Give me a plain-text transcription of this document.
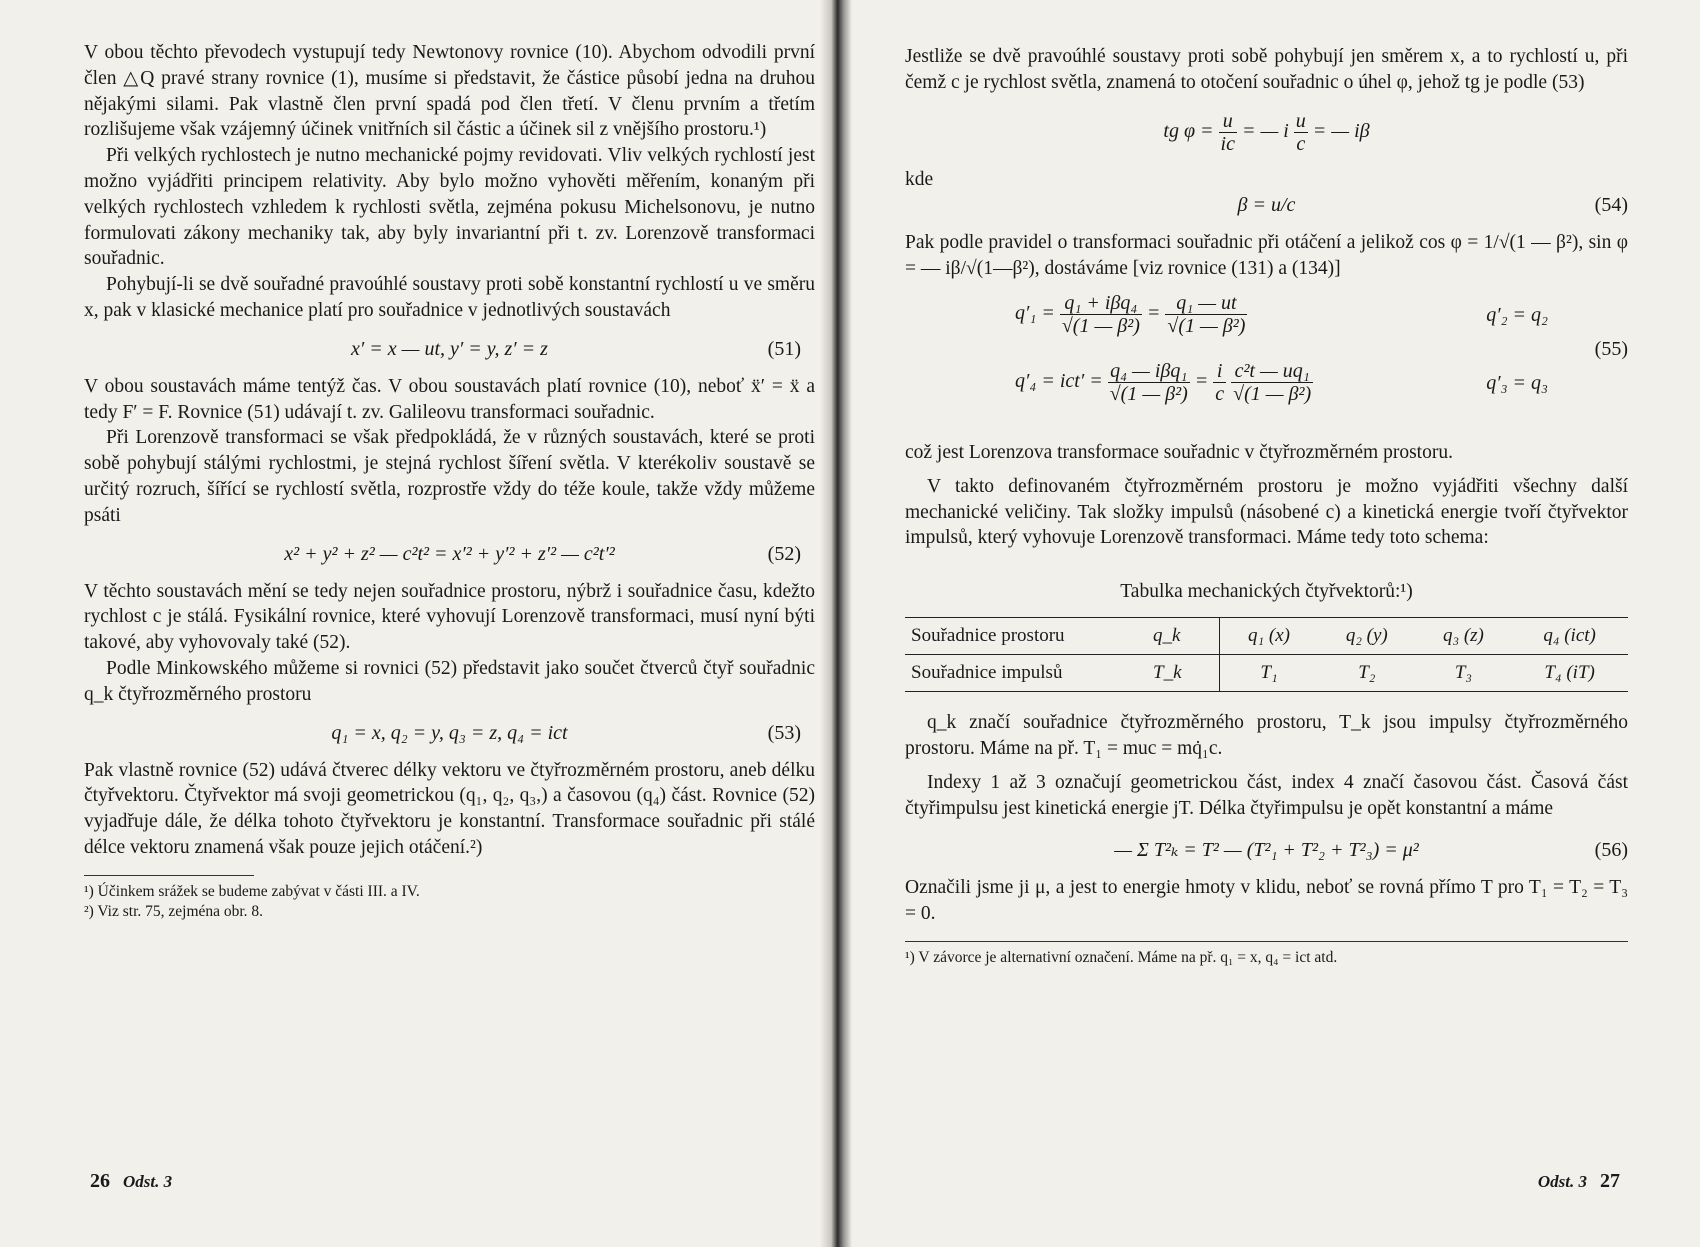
V obou těchto převodech vystupují tedy Newtonovy rovnice (10). Abychom odvodili první člen △Q pravé strany rovnice (1), musíme si představit, že částice působí jedna na druhou nějakými silami. Pak vlastně člen první spadá pod člen třetí. V členu prvním a třetím rozlišujeme však vzájemný účinek vnitřních sil částic a účinek sil z vnějšího prostoru.¹)

Při velkých rychlostech je nutno mechanické pojmy revidovati. Vliv velkých rychlostí jest možno vyjádřiti principem relativity. Aby bylo možno vyhověti měřením, konaným při velkých rychlostech vzhledem k rychlosti světla, zejména pokusu Michelsonovu, je nutno formulovati zákony mechaniky tak, aby byly invariantní při t. zv. Lorenzově transformaci souřadnic.

Pohybují-li se dvě souřadné pravoúhlé soustavy proti sobě konstantní rychlostí u ve směru x, pak v klasické mechanice platí pro souřadnice v jednotlivých soustavách

x′ = x — ut, y′ = y, z′ = z	(51)

V obou soustavách máme tentýž čas. V obou soustavách platí rovnice (10), neboť ẍ′ = ẍ a tedy F′ = F. Rovnice (51) udávají t. zv. Galileovu transformaci souřadnic.

Při Lorenzově transformaci se však předpokládá, že v různých soustavách, které se proti sobě pohybují stálými rychlostmi, je stejná rychlost šíření světla. V kterékoliv soustavě se určitý rozruch, šířící se rychlostí světla, rozprostře vždy do téže koule, takže vždy můžeme psáti

x² + y² + z² — c²t² = x′² + y′² + z′² — c²t′²	(52)

V těchto soustavách mění se tedy nejen souřadnice prostoru, nýbrž i souřadnice času, kdežto rychlost c je stálá. Fysikální rovnice, které vyhovují Lorenzově transformaci, musí nyní býti takové, aby vyhovovaly také (52).

Podle Minkowského můžeme si rovnici (52) představit jako součet čtverců čtyř souřadnic q_k čtyřrozměrného prostoru

q₁ = x, q₂ = y, q₃ = z, q₄ = ict	(53)

Pak vlastně rovnice (52) udává čtverec délky vektoru ve čtyřrozměrném prostoru, aneb délku čtyřvektoru. Čtyřvektor má svoji geometrickou (q₁, q₂, q₃,) a časovou (q₄) část. Rovnice (52) vyjadřuje dále, že délka tohoto čtyřvektoru je konstantní. Transformace souřadnic při stálé délce vektoru znamená však pouze jejich otáčení.²)

¹) Účinkem srážek se budeme zabývat v části III. a IV.

²) Viz str. 75, zejména obr. 8.

26 Odst. 3

Jestliže se dvě pravoúhlé soustavy proti sobě pohybují jen směrem x, a to rychlostí u, při čemž c je rychlost světla, znamená to otočení souřadnic o úhel φ, jehož tg je podle (53)

tg $\varphi = \frac{u}{ic}$ = — i $\frac{u}{c}$ = — iβ

kde

β = u/c	(54)

Pak podle pravidel o transformaci souřadnic při otáčení a jelikož cos φ = 1/√(1 — β²), sin φ = — iβ/√(1—β²), dostáváme [viz rovnice (131) a (134)]

$q'_1 = \frac{\text{q₁ + iβq₄}}{\text{√(1 — β²)}} = \frac{\text{q₁ — ut}}{\text{√(1 — β²)}}$	q′₂ = q₂
$q'_4 = ict' = \frac{\text{q₄ — iβq₁}}{\text{√(1 — β²)}} = \frac{i}{c}$
$\frac{\text{c²t — uq₁}}{\text{√(1 — β²)}}$	q′₃ = q₃
(55)

což jest Lorenzova transformace souřadnic v čtyřrozměrném prostoru.

V takto definovaném čtyřrozměrném prostoru je možno vyjádřiti všechny další mechanické veličiny. Tak složky impulsů (násobené c) a kinetická energie tvoří čtyřvektor impulsů, který vyhovuje Lorenzově transformaci. Máme tedy toto schema:

Tabulka mechanických čtyřvektorů:¹)
Souřadnice prostoru	q_k	q₁ (x)	q₂ (y)	q₃ (z)	q₄ (ict)
Souřadnice impulsů	T_k	T₁	T₂	T₃	T₄ (iT)

q_k značí souřadnice čtyřrozměrného prostoru, T_k jsou impulsy čtyřrozměrného prostoru. Máme na př. T₁ = muc = mq̇₁c.

Indexy 1 až 3 označují geometrickou část, index 4 značí časovou část. Časová část čtyřimpulsu jest kinetická energie jT. Délka čtyřimpulsu je opět konstantní a máme

— Σ T²ₖ = T² — (T²₁ + T²₂ + T²₃) = μ²	(56)

Označili jsme ji μ, a jest to energie hmoty v klidu, neboť se rovná přímo T pro T₁ = T₂ = T₃ = 0.

¹) V závorce je alternativní označení. Máme na př. q₁ = x, q₄ = ict atd.

Odst. 3 27
